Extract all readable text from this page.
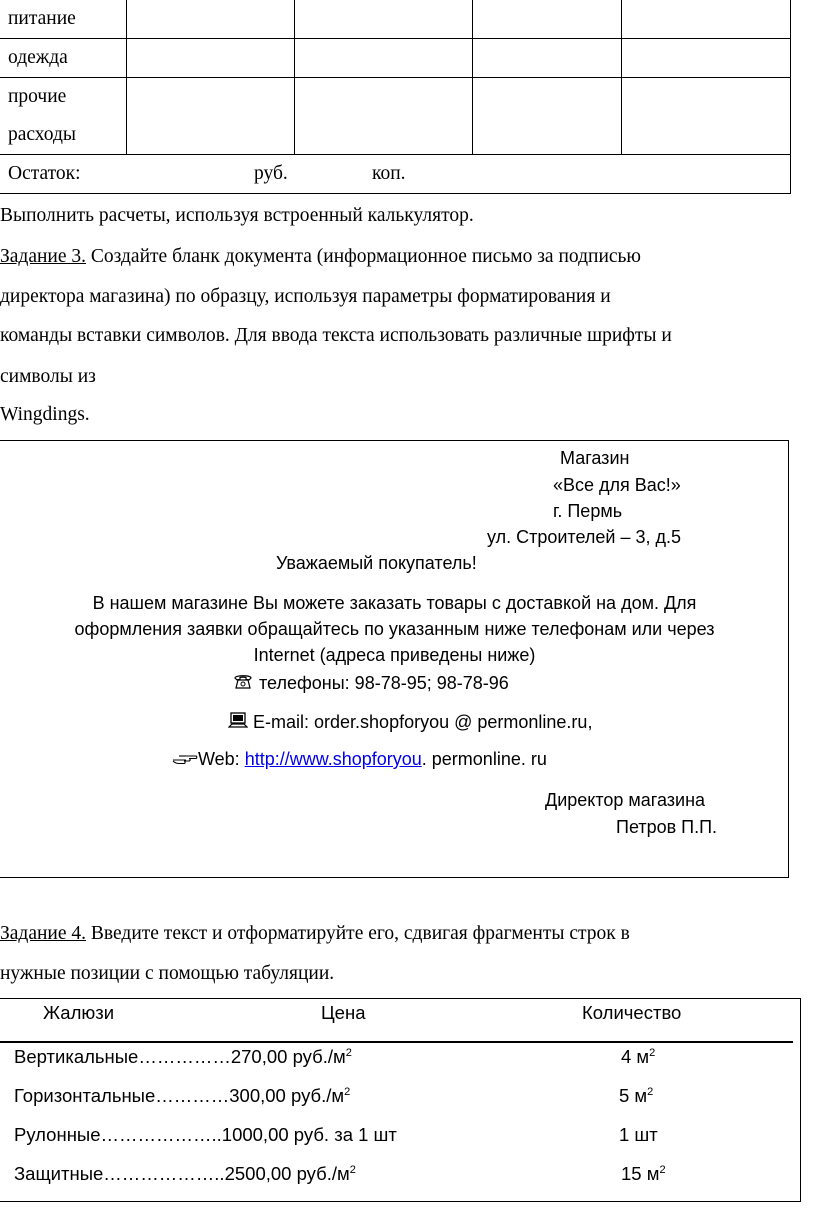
питание				
одежда				

прочие
расходы				

Остаток: руб. коп.				
Выполнить расчеты, используя встроенный калькулятор.
Задание 3. Создайте бланк документа (информационное письмо за подписью
директора магазина) по образцу, используя параметры форматирования и
команды вставки символов. Для ввода текста использовать различные шрифты и
символы из
Wingdings.
Магазин
«Все для Вас!»
г. Пермь
ул. Строителей – 3, д.5
Уважаемый покупатель!
В нашем магазине Вы можете заказать товары с доставкой на дом. Для
оформления заявки обращайтесь по указанным ниже телефонам или через
Internet (адреса приведены ниже)
телефоны: 98-78-95; 98-78-96
E-mail: order.shopforyou @ permonline.ru,
Web: http://www.shopforyou. permonline. ru
Директор магазина
Петров П.П.
Задание 4. Введите текст и отформатируйте его, сдвигая фрагменты строк в
нужные позиции с помощью табуляции.
Жалюзи	Цена	Количество
Вертикальные……………270,00 $руб./м^2$	4 $м^2$
Горизонтальные…………300,00 $руб./м^2$	5 $м^2$
Рулонные………………..1000,00 руб. за 1 шт	1 шт
Защитные………………..2500,00 $руб./м^2$	15 $м^2$
